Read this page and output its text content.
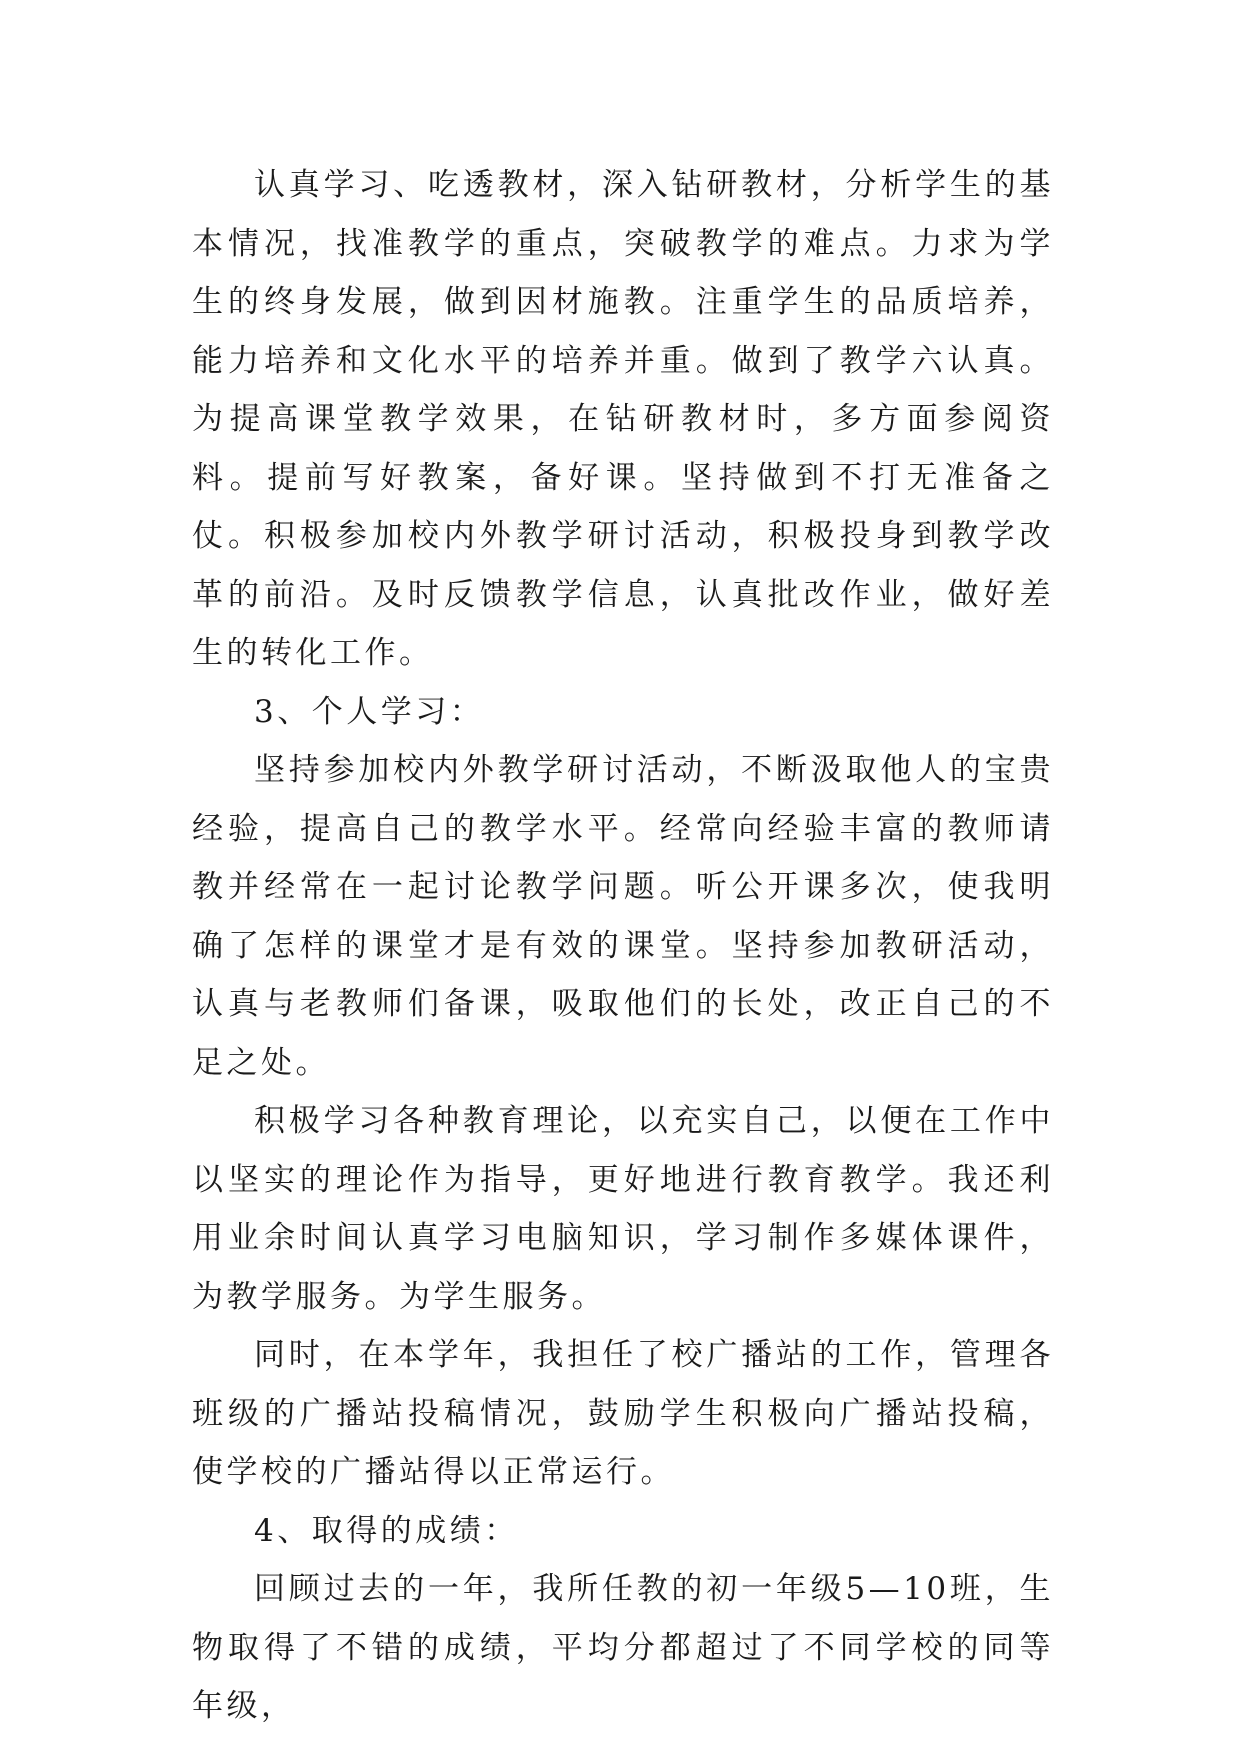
认真学习、吃透教材，深入钻研教材，分析学生的基本情况，找准教学的重点，突破教学的难点。力求为学生的终身发展，做到因材施教。注重学生的品质培养，能力培养和文化水平的培养并重。做到了教学六认真。为提高课堂教学效果，在钻研教材时，多方面参阅资料。提前写好教案，备好课。坚持做到不打无准备之仗。积极参加校内外教学研讨活动，积极投身到教学改革的前沿。及时反馈教学信息，认真批改作业，做好差生的转化工作。

3、个人学习：

坚持参加校内外教学研讨活动，不断汲取他人的宝贵经验，提高自己的教学水平。经常向经验丰富的教师请教并经常在一起讨论教学问题。听公开课多次，使我明确了怎样的课堂才是有效的课堂。坚持参加教研活动，认真与老教师们备课，吸取他们的长处，改正自己的不足之处。

积极学习各种教育理论，以充实自己，以便在工作中以坚实的理论作为指导，更好地进行教育教学。我还利用业余时间认真学习电脑知识，学习制作多媒体课件，为教学服务。为学生服务。

同时，在本学年，我担任了校广播站的工作，管理各班级的广播站投稿情况，鼓励学生积极向广播站投稿，使学校的广播站得以正常运行。

4、取得的成绩：

回顾过去的一年，我所任教的初一年级5—10班，生物取得了不错的成绩，平均分都超过了不同学校的同等年级，
